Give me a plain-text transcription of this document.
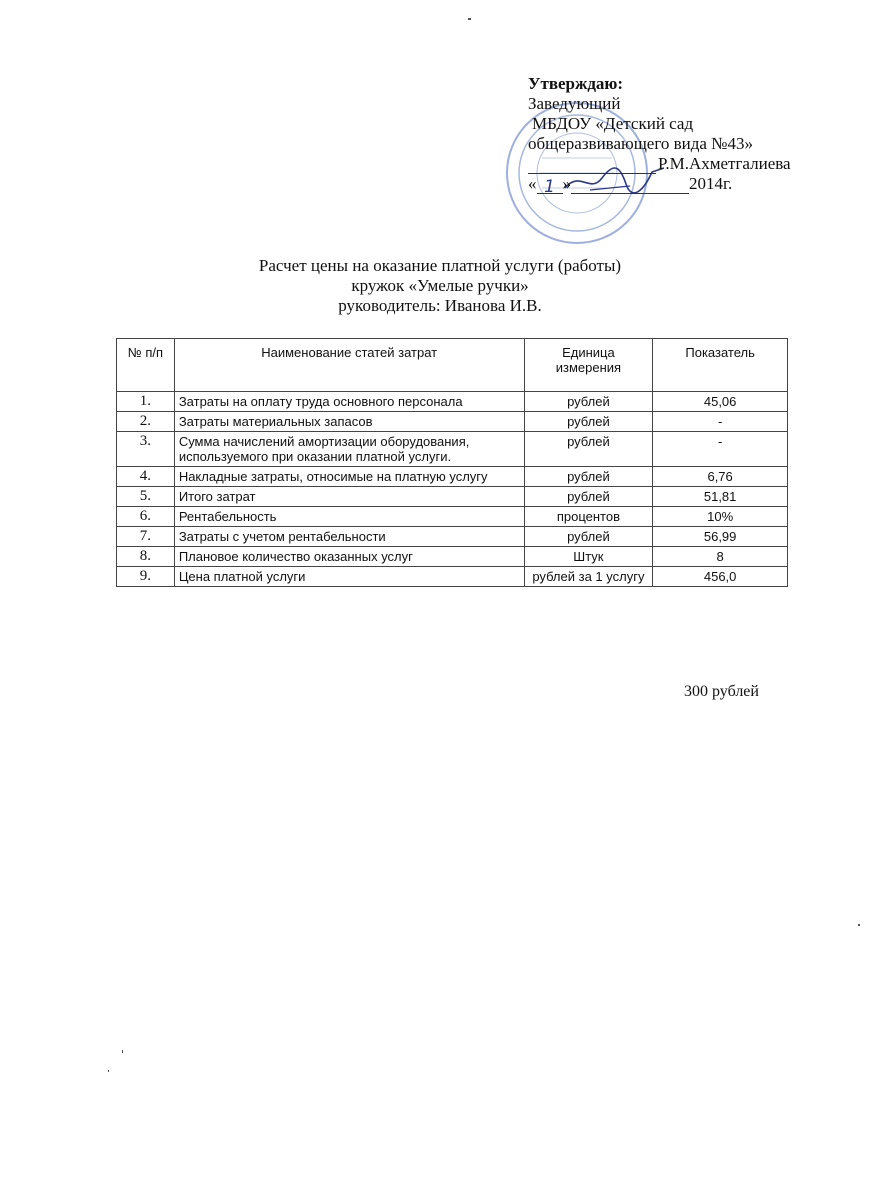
Утверждаю:
Заведующий
МБДОУ «Детский сад
общеразвивающего вида №43»
Р.М.Ахметгалиева
« 1 »	2014г.
Расчет цены на оказание платной услуги (работы)
кружок «Умелые ручки»
руководитель: Иванова И.В.
№ п/п	Наименование статей затрат	Единица измерения	Показатель
1.	Затраты на оплату труда основного персонала	рублей	45,06
2.	Затраты материальных запасов	рублей	-
3.	Сумма начислений амортизации оборудования, используемого при оказании платной услуги.	рублей	-
4.	Накладные затраты, относимые на платную услугу	рублей	6,76
5.	Итого затрат	рублей	51,81
6.	Рентабельность	процентов	10%
7.	Затраты с учетом рентабельности	рублей	56,99
8.	Плановое количество оказанных услуг	Штук	8
9.	Цена платной услуги	рублей за 1 услугу	456,0
300 рублей
